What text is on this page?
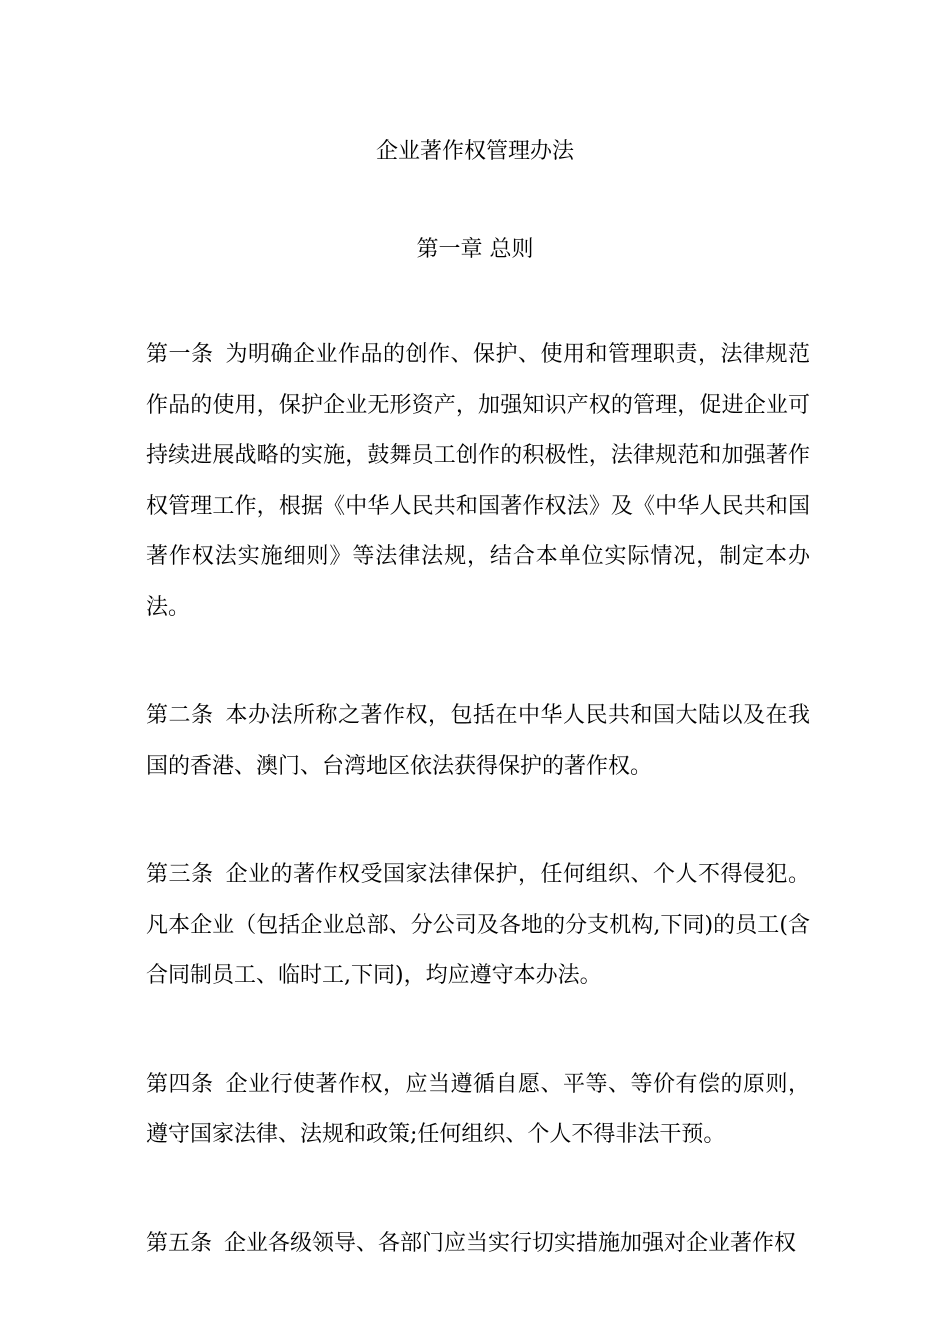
企业著作权管理办法
第一章 总则

第一条 为明确企业作品的创作、保护、使用和管理职责，法律规范作品的使用，保护企业无形资产，加强知识产权的管理，促进企业可持续进展战略的实施，鼓舞员工创作的积极性，法律规范和加强著作权管理工作，根据《中华人民共和国著作权法》及《中华人民共和国著作权法实施细则》等法律法规，结合本单位实际情况，制定本办法。

第二条 本办法所称之著作权，包括在中华人民共和国大陆以及在我国的香港、澳门、台湾地区依法获得保护的著作权。

第三条 企业的著作权受国家法律保护，任何组织、个人不得侵犯。凡本企业（包括企业总部、分公司及各地的分支机构,下同)的员工(含合同制员工、临时工,下同)，均应遵守本办法。

第四条 企业行使著作权，应当遵循自愿、平等、等价有偿的原则，遵守国家法律、法规和政策;任何组织、个人不得非法干预。

第五条 企业各级领导、各部门应当实行切实措施加强对企业著作权
